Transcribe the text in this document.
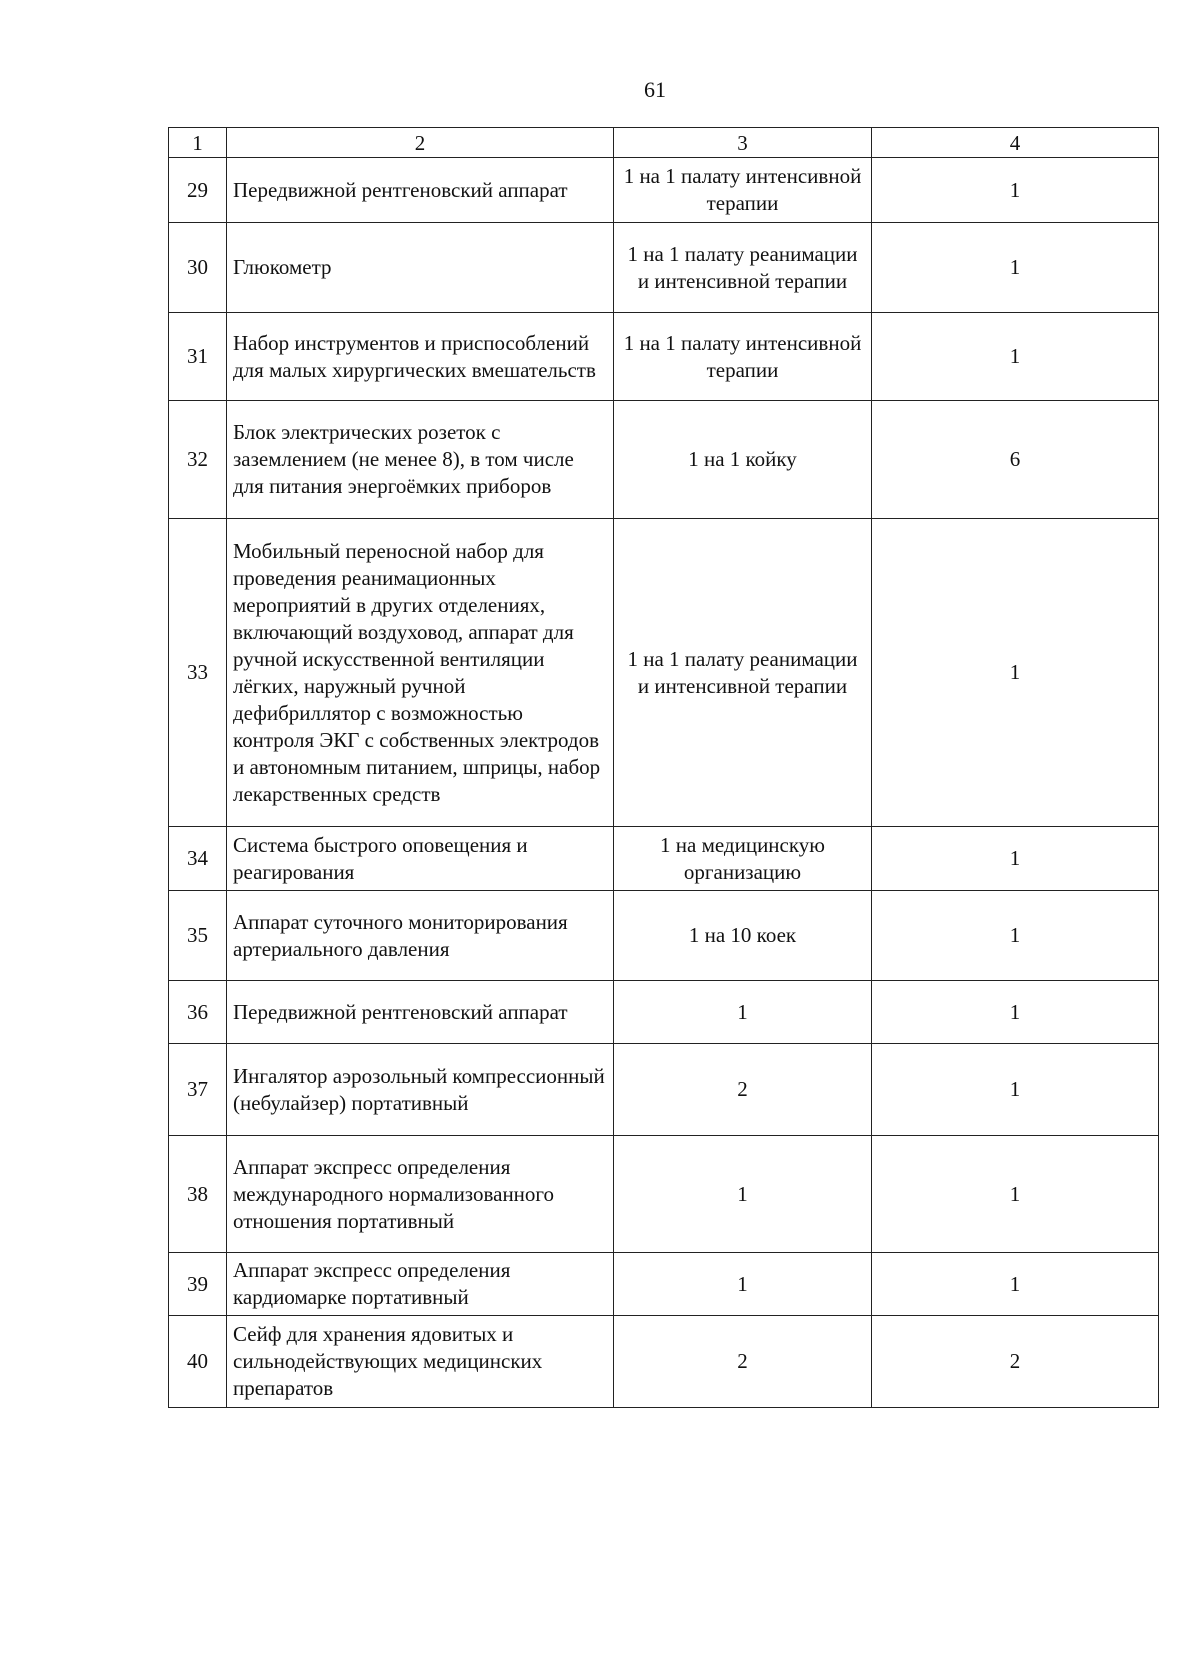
61
1	2	3	4
29	Передвижной рентгеновский аппарат	1 на 1 палату интенсивной терапии	1
30	Глюкометр	1 на 1 палату реанимации и интенсивной терапии	1
31	Набор инструментов и приспособлений для малых хирургических вмешательств	1 на 1 палату интенсивной терапии	1
32	Блок электрических розеток с заземлением (не менее 8), в том числе для питания энергоёмких приборов	1 на 1 койку	6
33	Мобильный переносной набор для проведения реанимационных мероприятий в других отделениях, включающий воздуховод, аппарат для ручной искусственной вентиляции лёгких, наружный ручной дефибриллятор с возможностью контроля ЭКГ с собственных электродов и автономным питанием, шприцы, набор лекарственных средств	1 на 1 палату реанимации и интенсивной терапии	1
34	Система быстрого оповещения и реагирования	1 на медицинскую организацию	1
35	Аппарат суточного мониторирования артериального давления	1 на 10 коек	1
36	Передвижной рентгеновский аппарат	1	1
37	Ингалятор аэрозольный компрессионный (небулайзер) портативный	2	1
38	Аппарат экспресс определения международного нормализованного отношения портативный	1	1
39	Аппарат экспресс определения кардиомарке портативный	1	1
40	Сейф для хранения ядовитых и сильнодействующих медицинских препаратов	2	2
